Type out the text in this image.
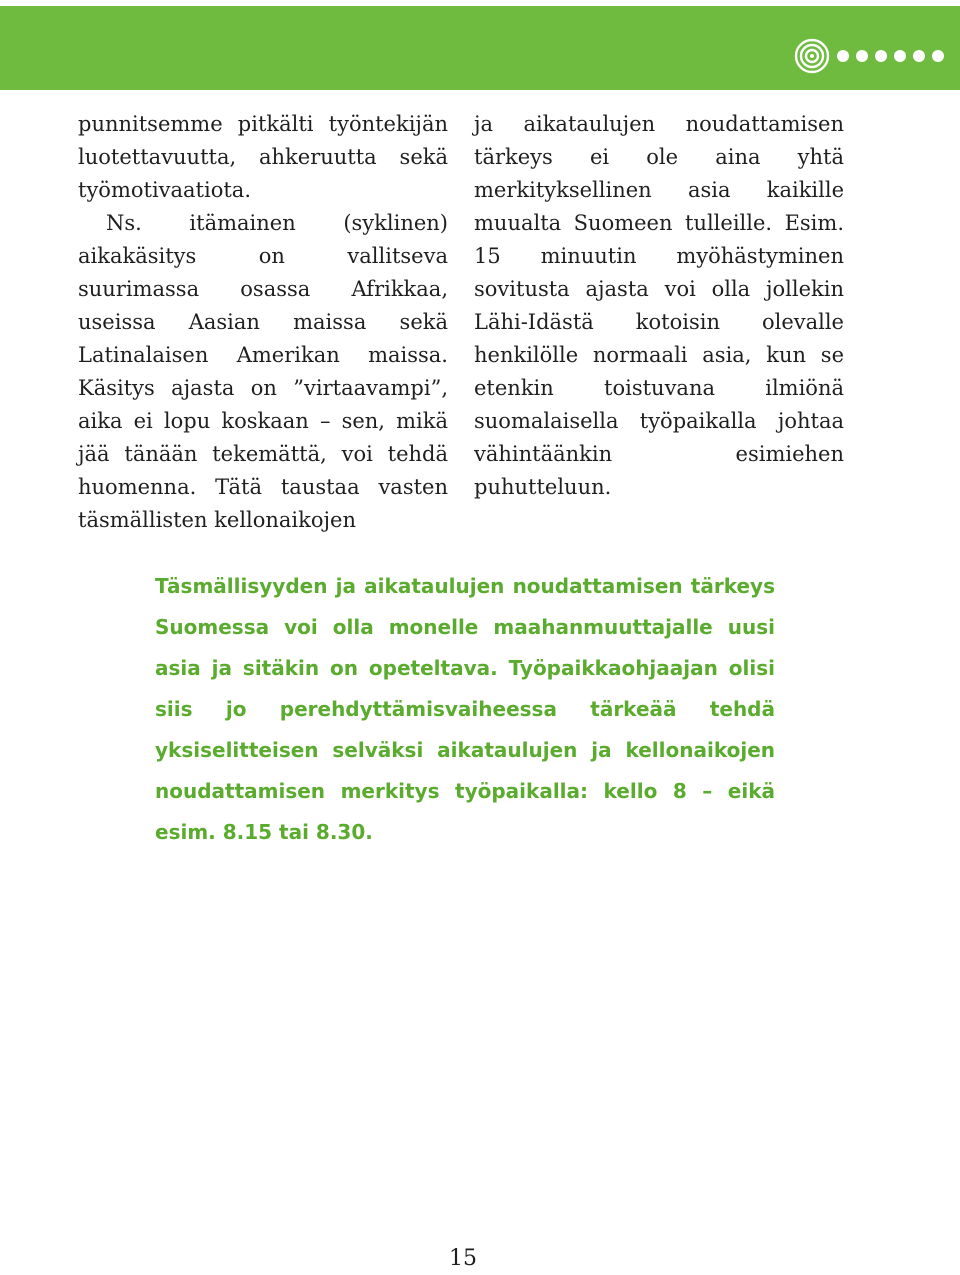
punnitsemme pitkälti työntekijän luotettavuutta, ahkeruutta sekä työmotivaatiota.

Ns. itämainen (syklinen) aikakäsitys on vallitseva suurimassa osassa Afrikkaa, useissa Aasian maissa sekä Latinalaisen Amerikan maissa. Käsitys ajasta on ”virtaavampi”, aika ei lopu koskaan – sen, mikä jää tänään tekemättä, voi tehdä huomenna. Tätä taustaa vasten täsmällisten kellonaikojen

ja aikataulujen noudattamisen tärkeys ei ole aina yhtä merkityksellinen asia kaikille muualta Suomeen tulleille. Esim. 15 minuutin myöhästyminen sovitusta ajasta voi olla jollekin Lähi-Idästä kotoisin olevalle henkilölle normaali asia, kun se etenkin toistuvana ilmiönä suomalaisella työpaikalla johtaa vähintäänkin esimiehen puhutteluun.

Täsmällisyyden ja aikataulujen noudattamisen tärkeys Suomessa voi olla monelle maahanmuuttajalle uusi asia ja sitäkin on opeteltava. Työpaikkaohjaajan olisi siis jo perehdyttämisvaiheessa tärkeää tehdä yksiselitteisen selväksi aikataulujen ja kellonaikojen noudattamisen merkitys työpaikalla: kello 8 – eikä esim. 8.15 tai 8.30.
15
